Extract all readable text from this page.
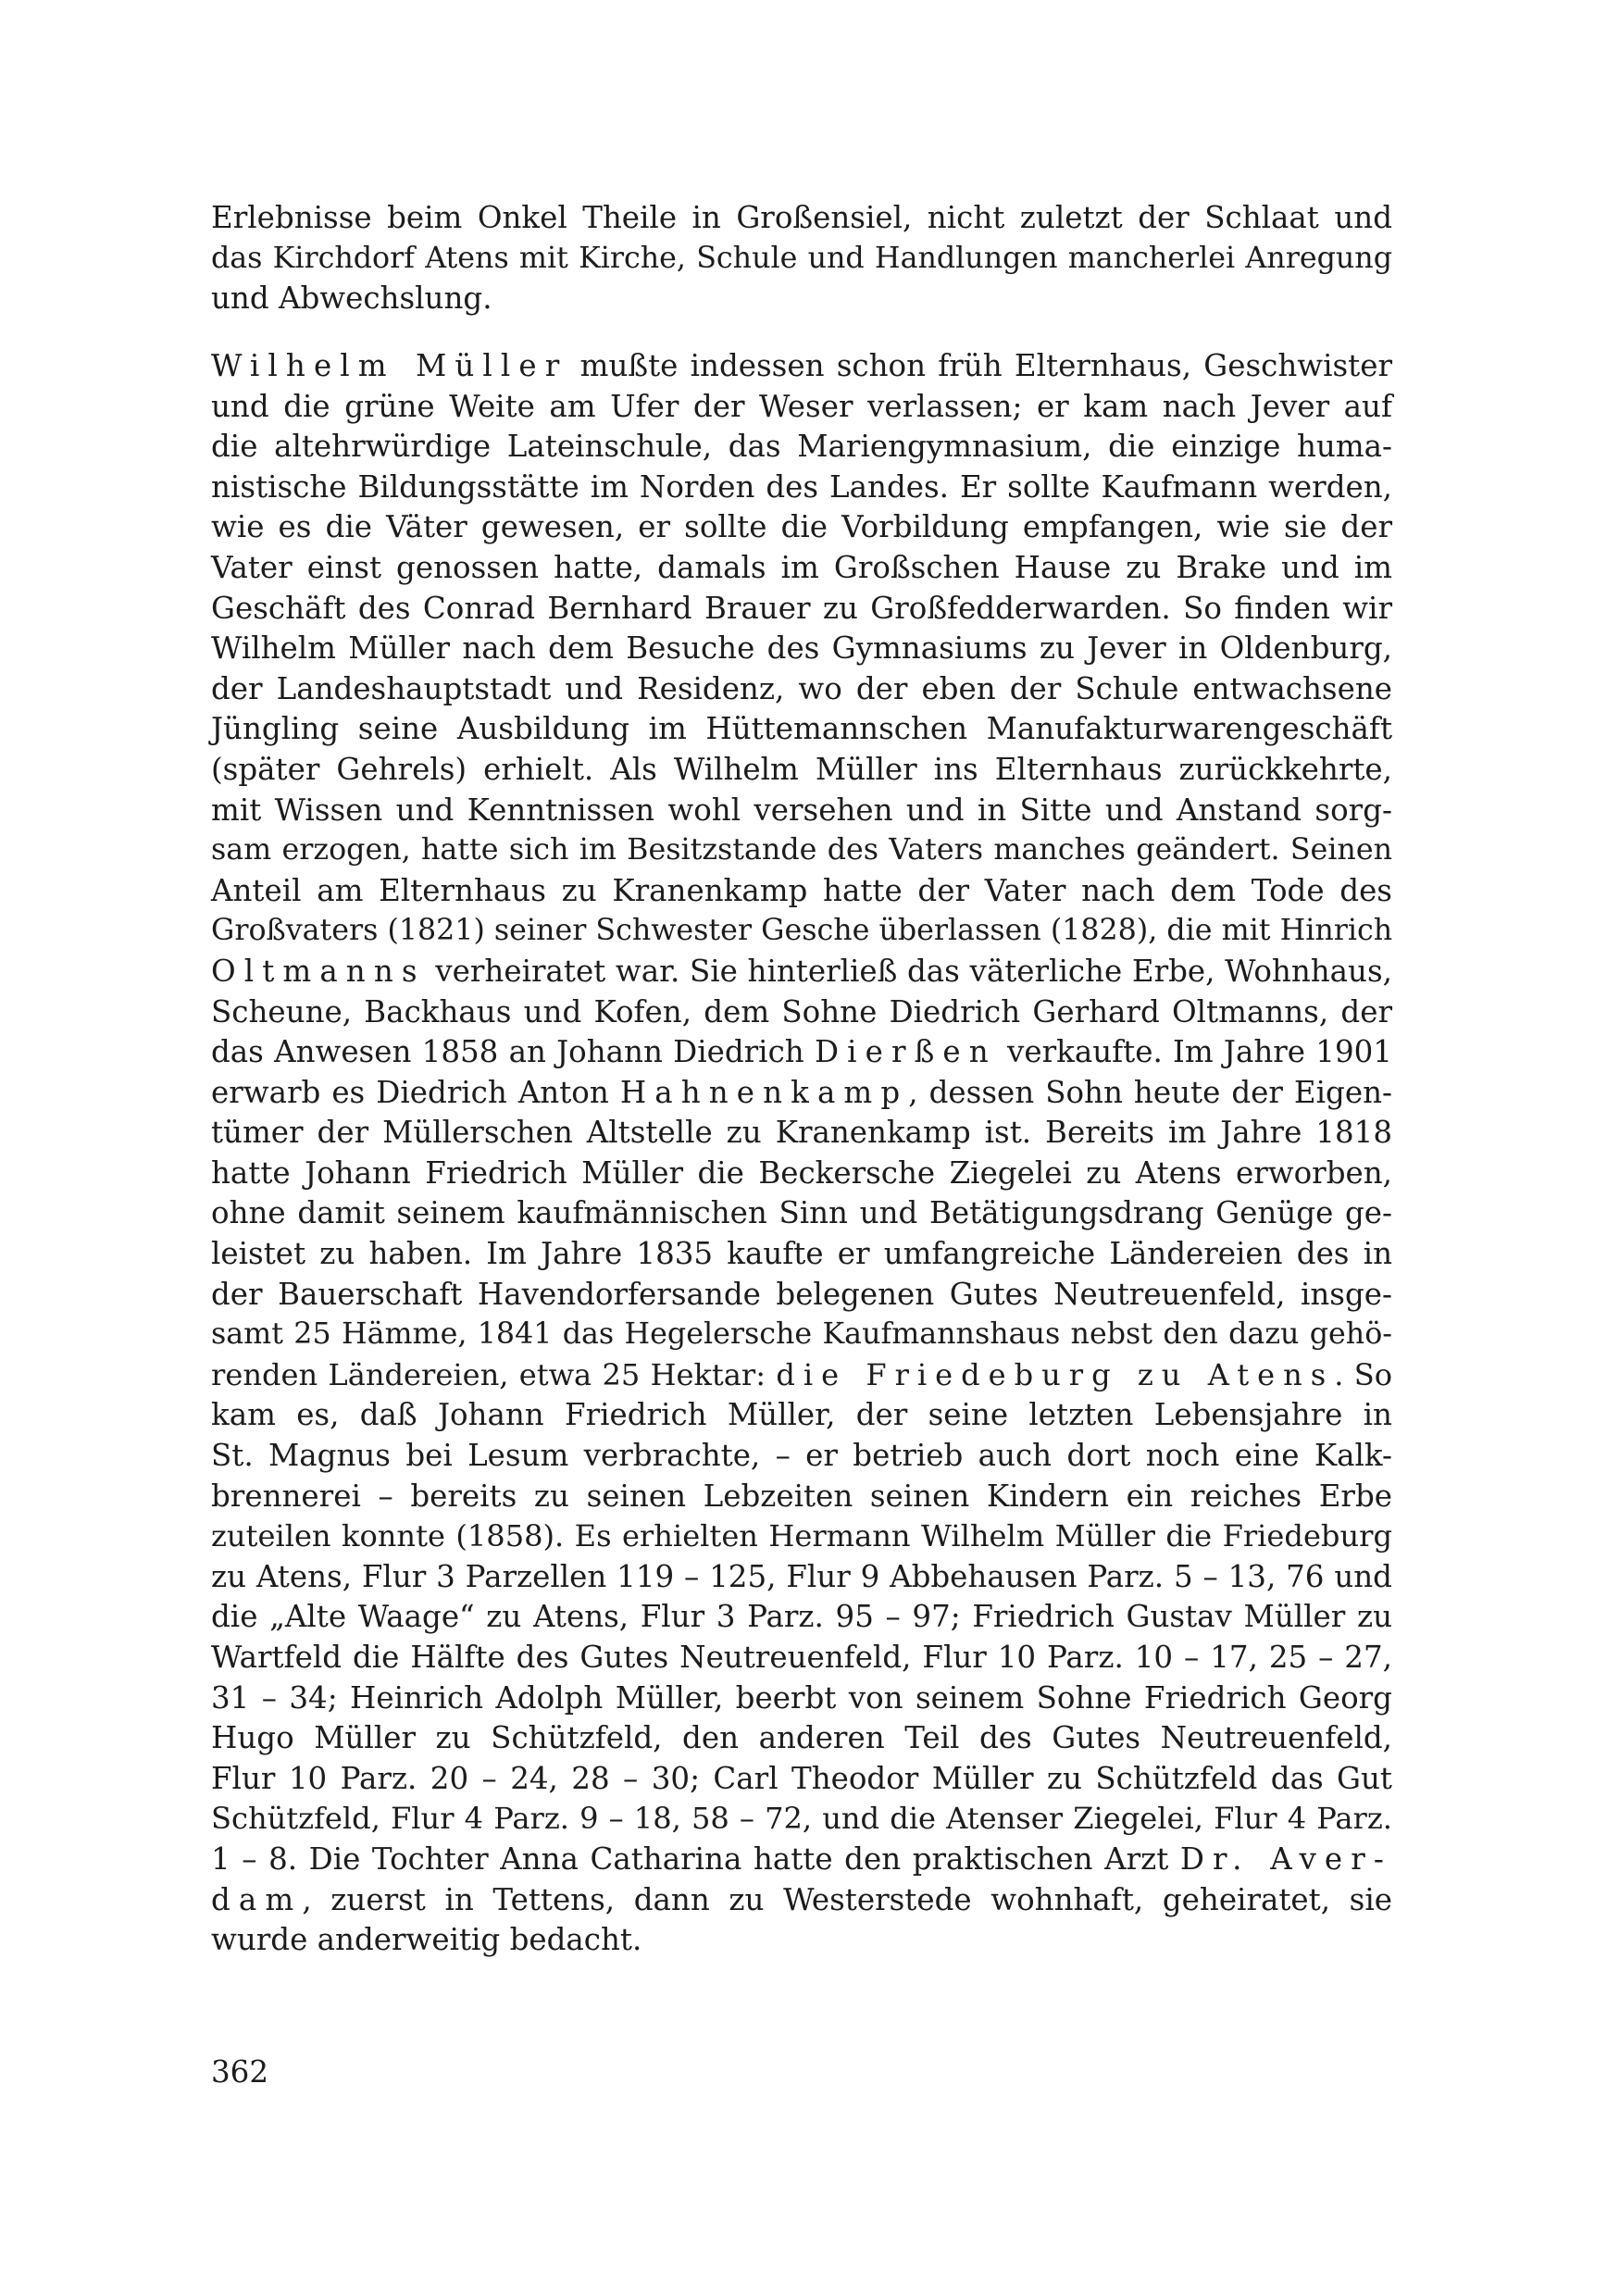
Erlebnisse beim Onkel Theile in Großensiel, nicht zuletzt der Schlaat und
das Kirchdorf Atens mit Kirche, Schule und Handlungen mancherlei Anregung
und Abwechslung.
Wilhelm Müller mußte indessen schon früh Elternhaus, Geschwister
und die grüne Weite am Ufer der Weser verlassen; er kam nach Jever auf
die altehrwürdige Lateinschule, das Mariengymnasium, die einzige huma-
nistische Bildungsstätte im Norden des Landes. Er sollte Kaufmann werden,
wie es die Väter gewesen, er sollte die Vorbildung empfangen, wie sie der
Vater einst genossen hatte, damals im Großschen Hause zu Brake und im
Geschäft des Conrad Bernhard Brauer zu Großfedderwarden. So finden wir
Wilhelm Müller nach dem Besuche des Gymnasiums zu Jever in Oldenburg,
der Landeshauptstadt und Residenz, wo der eben der Schule entwachsene
Jüngling seine Ausbildung im Hüttemannschen Manufakturwarengeschäft
(später Gehrels) erhielt. Als Wilhelm Müller ins Elternhaus zurückkehrte,
mit Wissen und Kenntnissen wohl versehen und in Sitte und Anstand sorg-
sam erzogen, hatte sich im Besitzstande des Vaters manches geändert. Seinen
Anteil am Elternhaus zu Kranenkamp hatte der Vater nach dem Tode des
Großvaters (1821) seiner Schwester Gesche überlassen (1828), die mit Hinrich
Oltmanns verheiratet war. Sie hinterließ das väterliche Erbe, Wohnhaus,
Scheune, Backhaus und Kofen, dem Sohne Diedrich Gerhard Oltmanns, der
das Anwesen 1858 an Johann Diedrich Dierßen verkaufte. Im Jahre 1901
erwarb es Diedrich Anton Hahnenkamp, dessen Sohn heute der Eigen-
tümer der Müllerschen Altstelle zu Kranenkamp ist. Bereits im Jahre 1818
hatte Johann Friedrich Müller die Beckersche Ziegelei zu Atens erworben,
ohne damit seinem kaufmännischen Sinn und Betätigungsdrang Genüge ge-
leistet zu haben. Im Jahre 1835 kaufte er umfangreiche Ländereien des in
der Bauerschaft Havendorfersande belegenen Gutes Neutreuenfeld, insge-
samt 25 Hämme, 1841 das Hegelersche Kaufmannshaus nebst den dazu gehö-
renden Ländereien, etwa 25 Hektar: die Friedeburg zu Atens. So
kam es, daß Johann Friedrich Müller, der seine letzten Lebensjahre in
St. Magnus bei Lesum verbrachte, – er betrieb auch dort noch eine Kalk-
brennerei – bereits zu seinen Lebzeiten seinen Kindern ein reiches Erbe
zuteilen konnte (1858). Es erhielten Hermann Wilhelm Müller die Friedeburg
zu Atens, Flur 3 Parzellen 119 – 125, Flur 9 Abbehausen Parz. 5 – 13, 76 und
die „Alte Waage“ zu Atens, Flur 3 Parz. 95 – 97; Friedrich Gustav Müller zu
Wartfeld die Hälfte des Gutes Neutreuenfeld, Flur 10 Parz. 10 – 17, 25 – 27,
31 – 34; Heinrich Adolph Müller, beerbt von seinem Sohne Friedrich Georg
Hugo Müller zu Schützfeld, den anderen Teil des Gutes Neutreuenfeld,
Flur 10 Parz. 20 – 24, 28 – 30; Carl Theodor Müller zu Schützfeld das Gut
Schützfeld, Flur 4 Parz. 9 – 18, 58 – 72, und die Atenser Ziegelei, Flur 4 Parz.
1 – 8. Die Tochter Anna Catharina hatte den praktischen Arzt Dr. Aver-
dam, zuerst in Tettens, dann zu Westerstede wohnhaft, geheiratet, sie
wurde anderweitig bedacht.
362
